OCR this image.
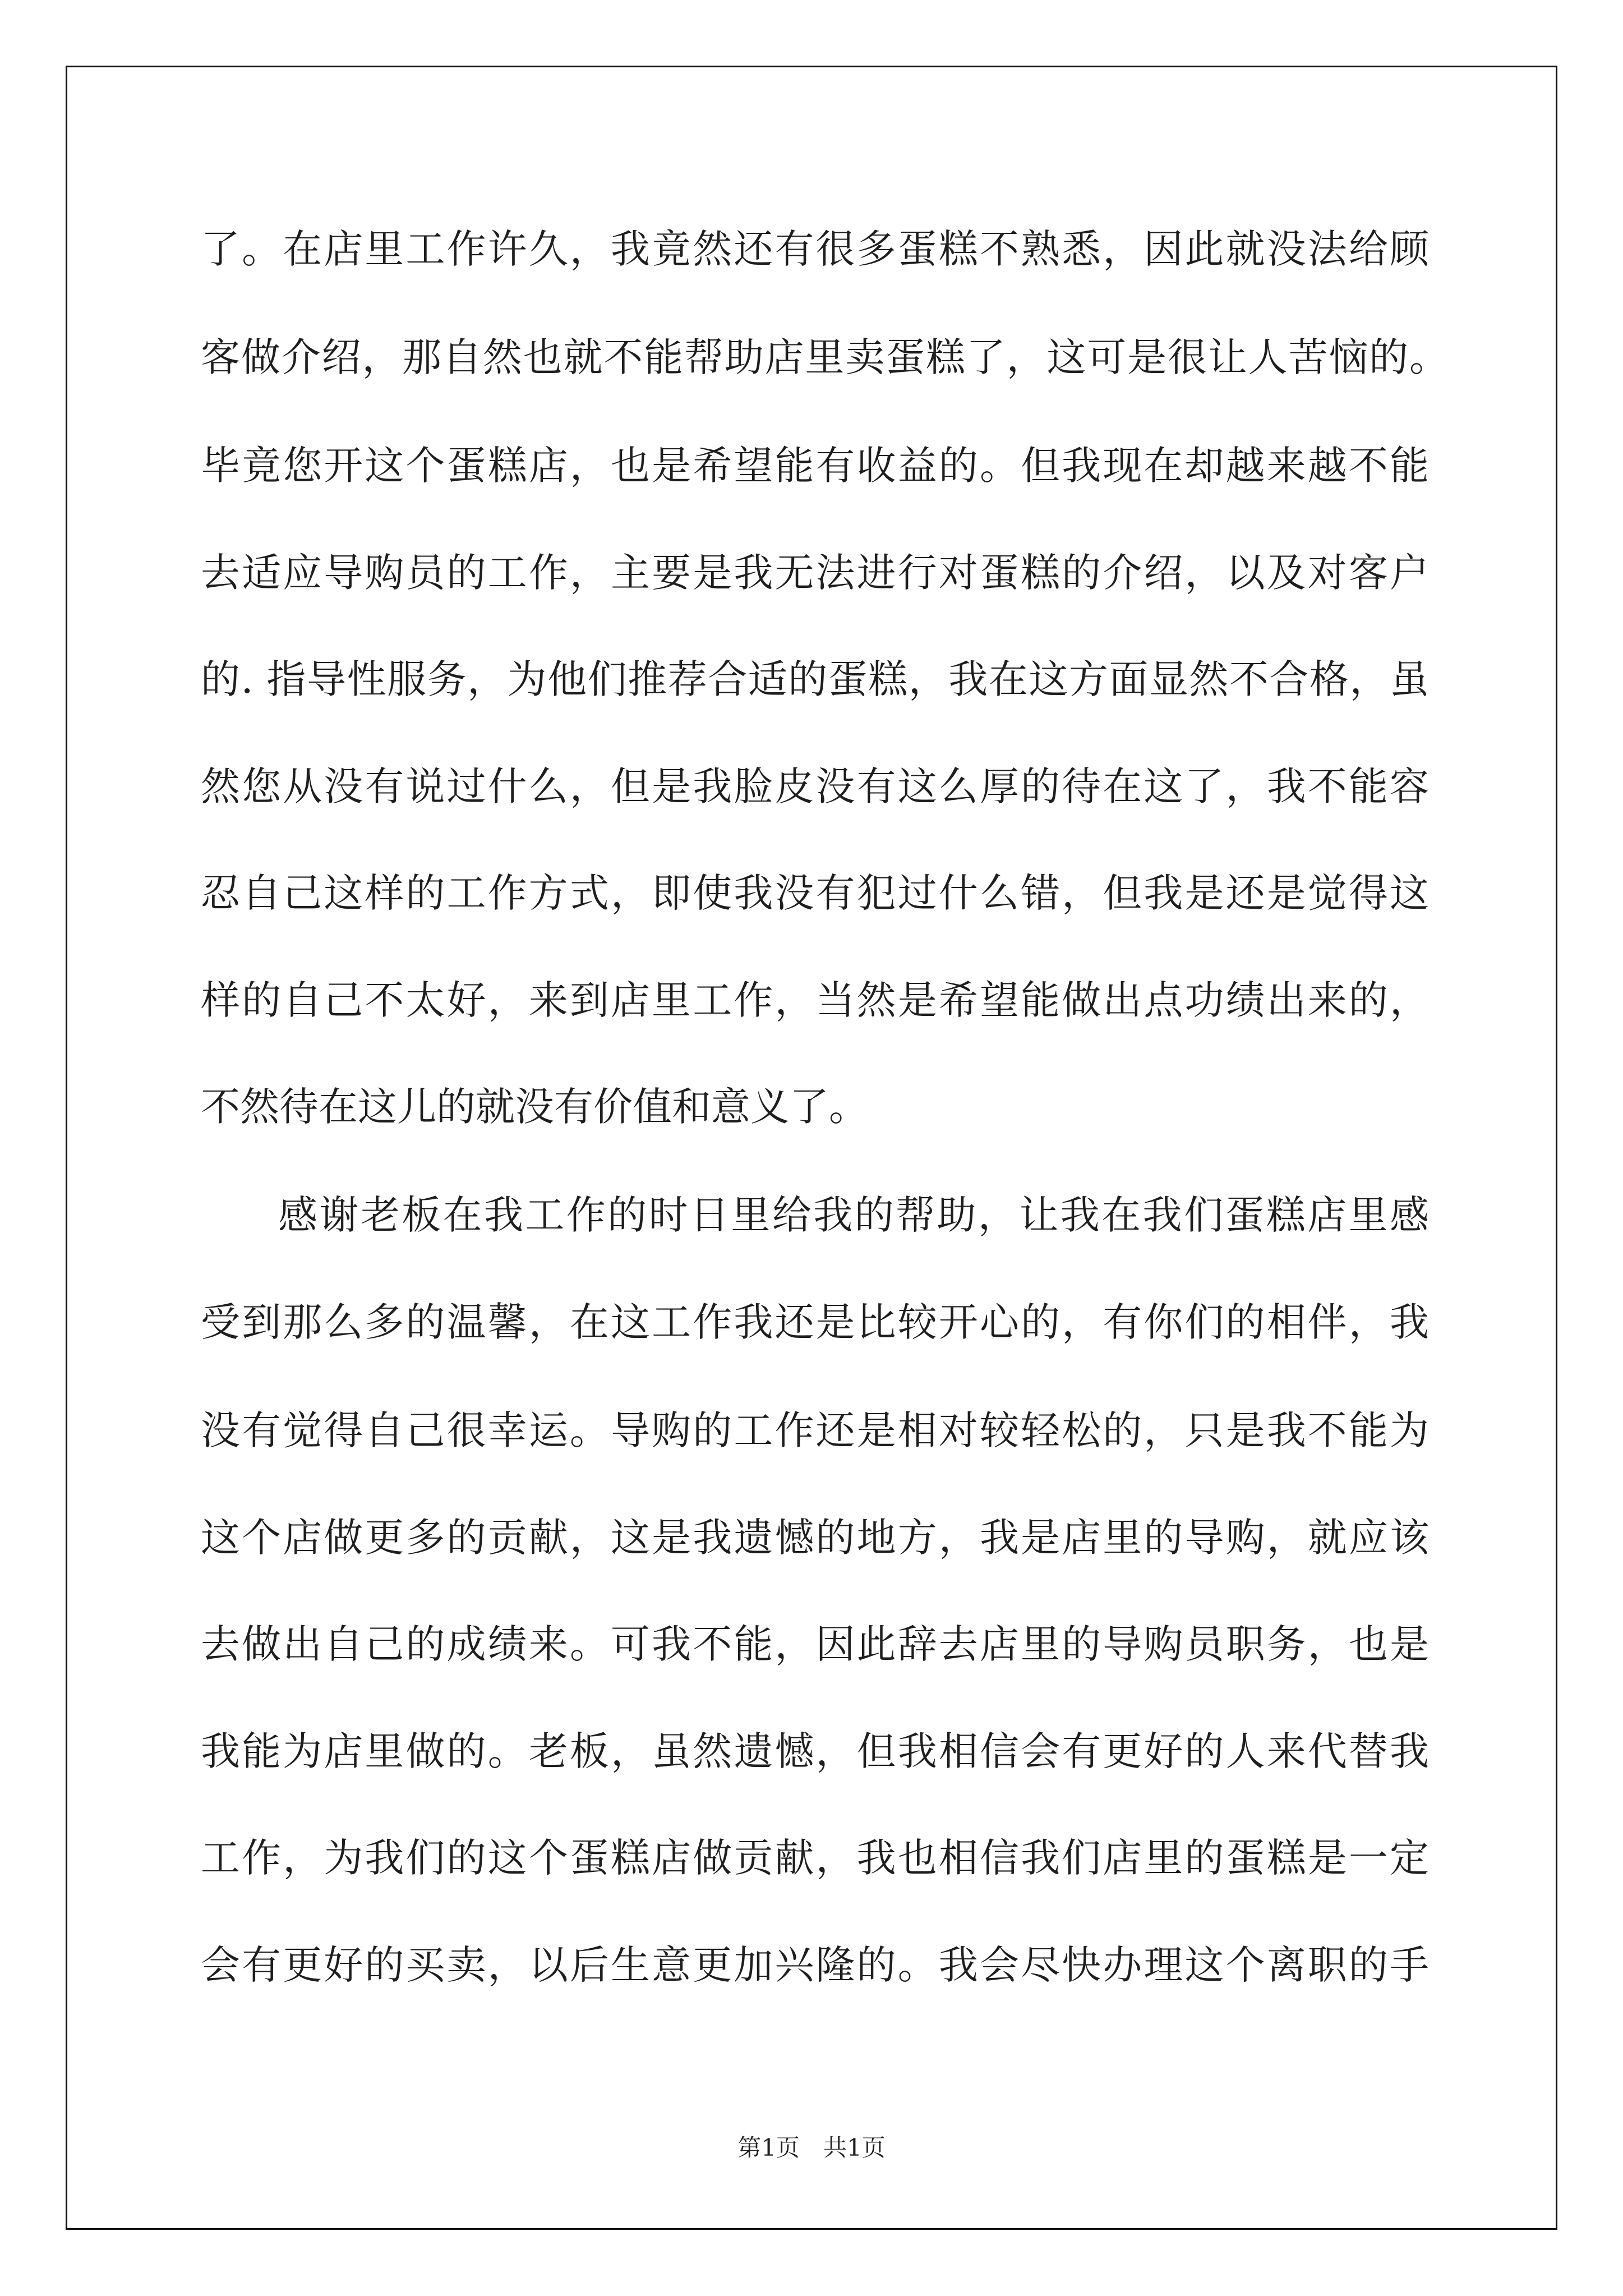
了。在店里工作许久，我竟然还有很多蛋糕不熟悉，因此就没法给顾
客做介绍，那自然也就不能帮助店里卖蛋糕了，这可是很让人苦恼的。
毕竟您开这个蛋糕店，也是希望能有收益的。但我现在却越来越不能
去适应导购员的工作，主要是我无法进行对蛋糕的介绍，以及对客户
的. 指导性服务，为他们推荐合适的蛋糕，我在这方面显然不合格，虽
然您从没有说过什么，但是我脸皮没有这么厚的待在这了，我不能容
忍自己这样的工作方式，即使我没有犯过什么错，但我是还是觉得这
样的自己不太好，来到店里工作，当然是希望能做出点功绩出来的，
不然待在这儿的就没有价值和意义了。
感谢老板在我工作的时日里给我的帮助，让我在我们蛋糕店里感
受到那么多的温馨，在这工作我还是比较开心的，有你们的相伴，我
没有觉得自己很幸运。导购的工作还是相对较轻松的，只是我不能为
这个店做更多的贡献，这是我遗憾的地方，我是店里的导购，就应该
去做出自己的成绩来。可我不能，因此辞去店里的导购员职务，也是
我能为店里做的。老板，虽然遗憾，但我相信会有更好的人来代替我
工作，为我们的这个蛋糕店做贡献，我也相信我们店里的蛋糕是一定
会有更好的买卖，以后生意更加兴隆的。我会尽快办理这个离职的手
第1页　共1页
